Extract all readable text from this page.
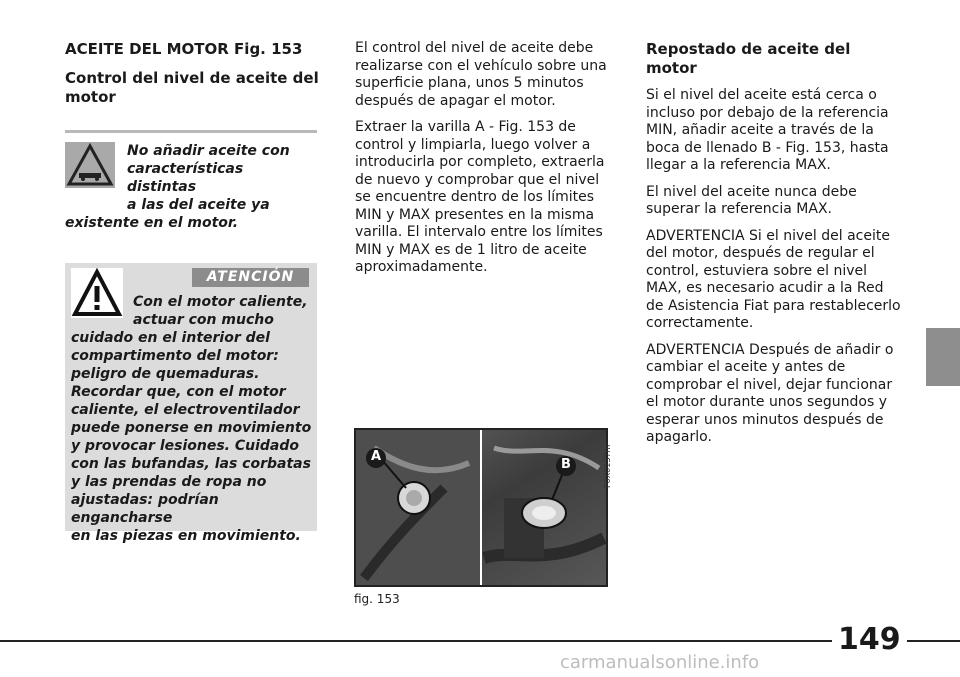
ACEITE DEL MOTOR Fig. 153
Control del nivel de aceite del motor
No añadir aceite con
características distintas
a las del aceite ya
existente en el motor.
ATENCIÓN
Con el motor caliente,
actuar con mucho
cuidado en el interior del
compartimento del motor:
peligro de quemaduras.
Recordar que, con el motor
caliente, el electroventilador
puede ponerse en movimiento
y provocar lesiones. Cuidado
con las bufandas, las corbatas
y las prendas de ropa no
ajustadas: podrían engancharse
en las piezas en movimiento.

El control del nivel de aceite debe realizarse con el vehículo sobre una superficie plana, unos 5 minutos después de apagar el motor.

Extraer la varilla A - Fig. 153 de control y limpiarla, luego volver a introducirla por completo, extraerla de nuevo y comprobar que el nivel se encuentre dentro de los límites MIN y MAX presentes en la misma varilla. El intervalo entre los límites MIN y MAX es de 1 litro de aceite aproximadamente.

Repostado de aceite del motor

Si el nivel del aceite está cerca o incluso por debajo de la referencia MIN, añadir aceite a través de la boca de llenado B - Fig. 153, hasta llegar a la referencia MAX.

El nivel del aceite nunca debe superar la referencia MAX.

ADVERTENCIA Si el nivel del aceite del motor, después de regular el control, estuviera sobre el nivel MAX, es necesario acudir a la Red de Asistencia Fiat para restablecerlo correctamente.

ADVERTENCIA Después de añadir o cambiar el aceite y antes de comprobar el nivel, dejar funcionar el motor durante unos segundos y esperar unos minutos después de apagarlo.

A
B	F0X0137m
fig. 153
149
carmanualsonline.info
